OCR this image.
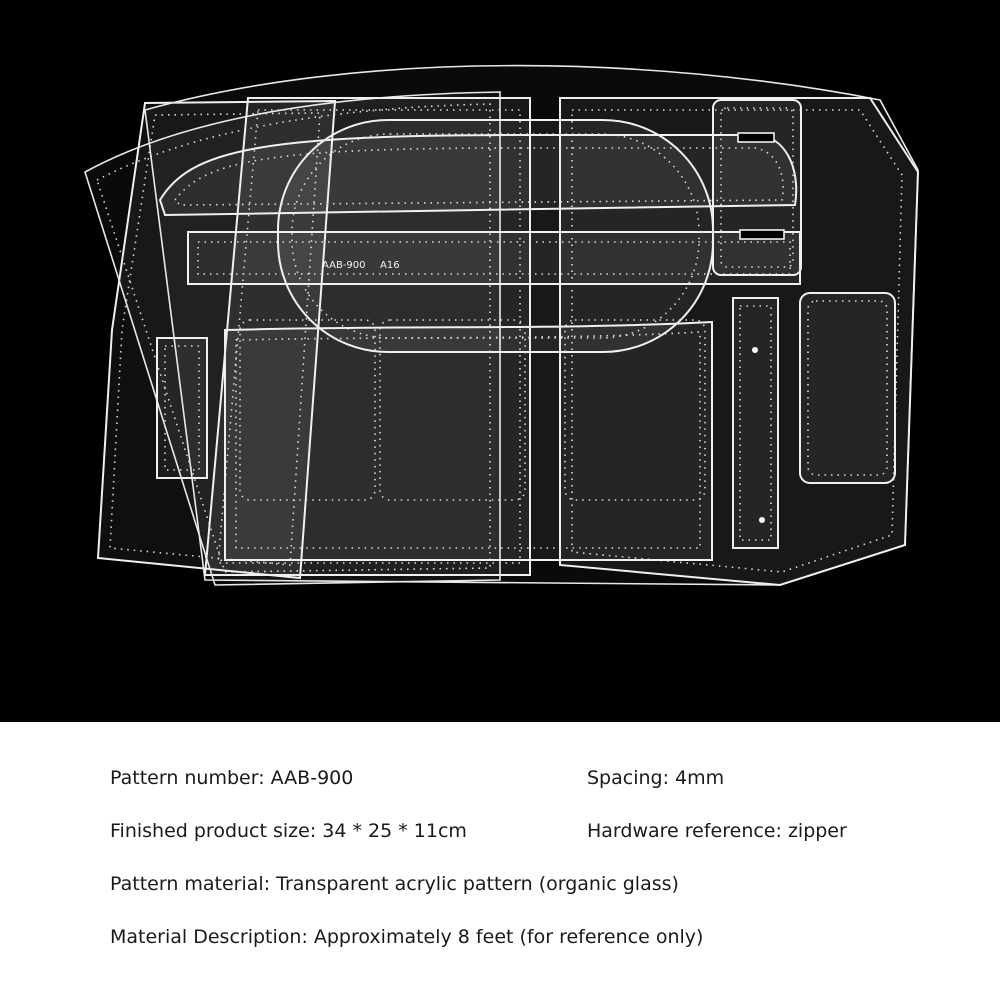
AAB-900 A16
Pattern number: AAB-900	Spacing: 4mm
Finished product size: 34 * 25 * 11cm	Hardware reference: zipper
Pattern material: Transparent acrylic pattern (organic glass)
Material Description: Approximately 8 feet (for reference only)
